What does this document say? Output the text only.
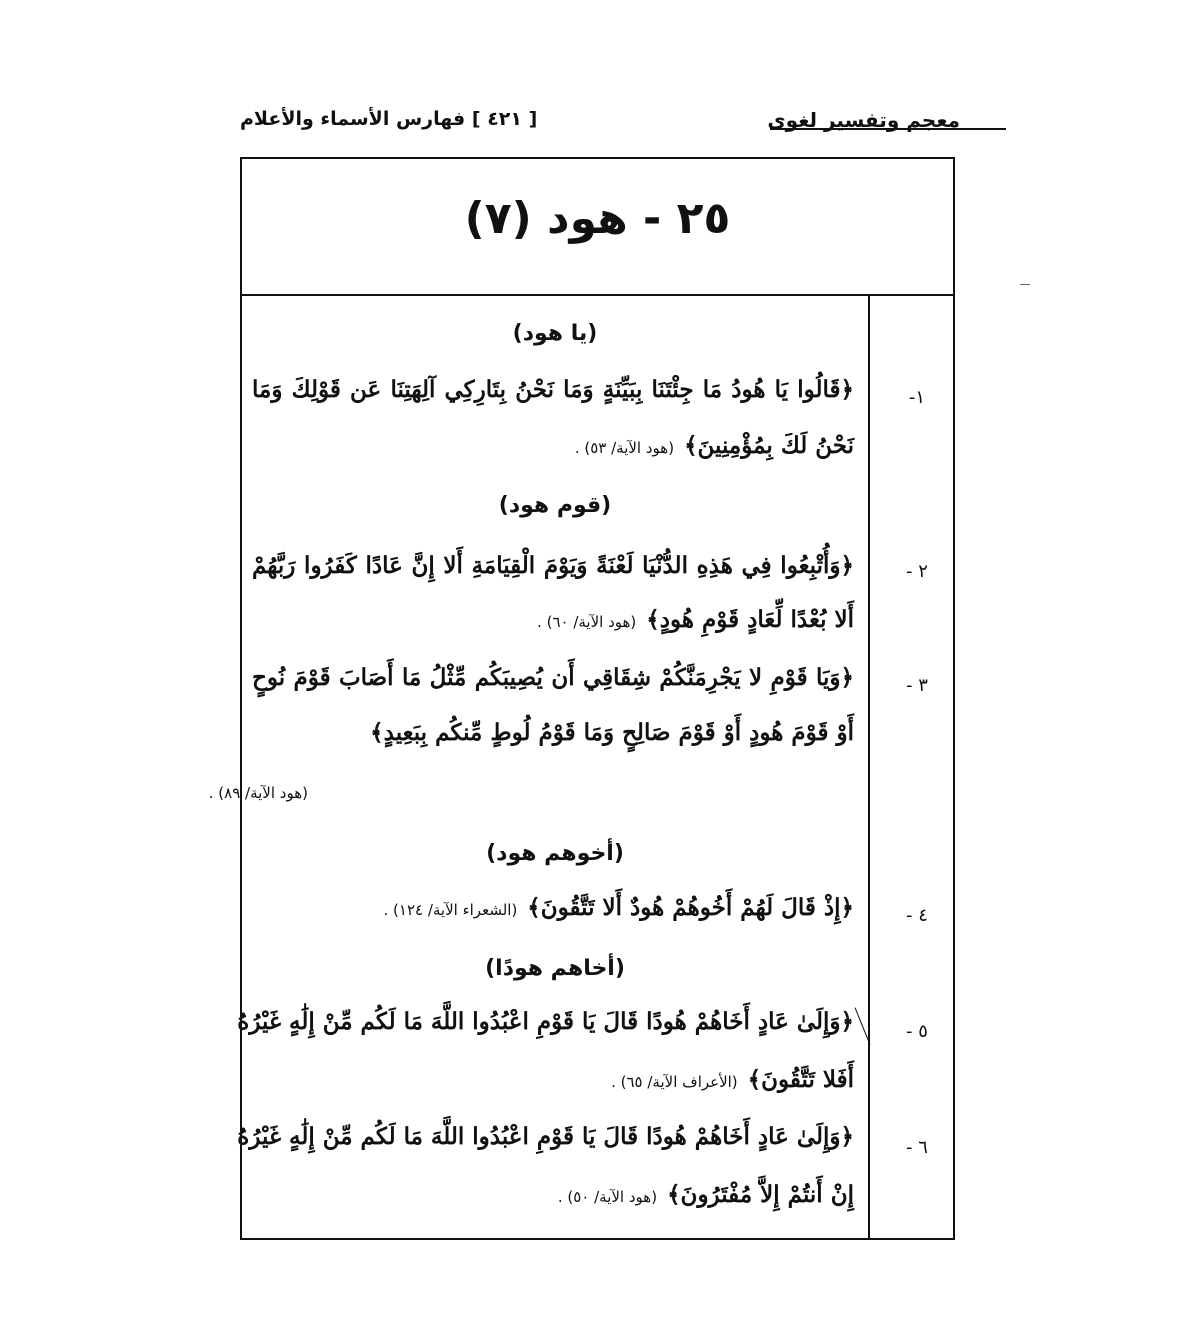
معجم وتفسير لغوى
[ ٤٢١ ] فهارس الأسماء والأعلام
٢٥ - هود (٧)
(يا هود)
﴿قَالُوا يَا هُودُ مَا جِئْتَنَا بِبَيِّنَةٍ وَمَا نَحْنُ بِتَارِكِي آلِهَتِنَا عَن قَوْلِكَ وَمَا
نَحْنُ لَكَ بِمُؤْمِنِينَ﴾(هود الآية/ ٥٣) .
(قوم هود)
﴿وَأُتْبِعُوا فِي هَذِهِ الدُّنْيَا لَعْنَةً وَيَوْمَ الْقِيَامَةِ أَلا إِنَّ عَادًا كَفَرُوا رَبَّهُمْ
أَلا بُعْدًا لِّعَادٍ قَوْمِ هُودٍ﴾(هود الآية/ ٦٠) .
﴿وَيَا قَوْمِ لا يَجْرِمَنَّكُمْ شِقَاقِي أَن يُصِيبَكُم مِّثْلُ مَا أَصَابَ قَوْمَ نُوحٍ
أَوْ قَوْمَ هُودٍ أَوْ قَوْمَ صَالِحٍ وَمَا قَوْمُ لُوطٍ مِّنكُم بِبَعِيدٍ﴾
(هود الآية/ ٨٩) .
(أخوهم هود)
﴿إِذْ قَالَ لَهُمْ أَخُوهُمْ هُودٌ أَلا تَتَّقُونَ﴾(الشعراء الآية/ ١٢٤) .
(أخاهم هودًا)
﴿وَإِلَىٰ عَادٍ أَخَاهُمْ هُودًا قَالَ يَا قَوْمِ اعْبُدُوا اللَّهَ مَا لَكُم مِّنْ إِلَٰهٍ غَيْرُهُ
أَفَلا تَتَّقُونَ﴾(الأعراف الآية/ ٦٥) .
﴿وَإِلَىٰ عَادٍ أَخَاهُمْ هُودًا قَالَ يَا قَوْمِ اعْبُدُوا اللَّهَ مَا لَكُم مِّنْ إِلَٰهٍ غَيْرُهُ
إِنْ أَنتُمْ إِلاَّ مُفْتَرُونَ﴾(هود الآية/ ٥٠) .
١-
٢ -
٣ -
٤ -
٥ -
٦ -
